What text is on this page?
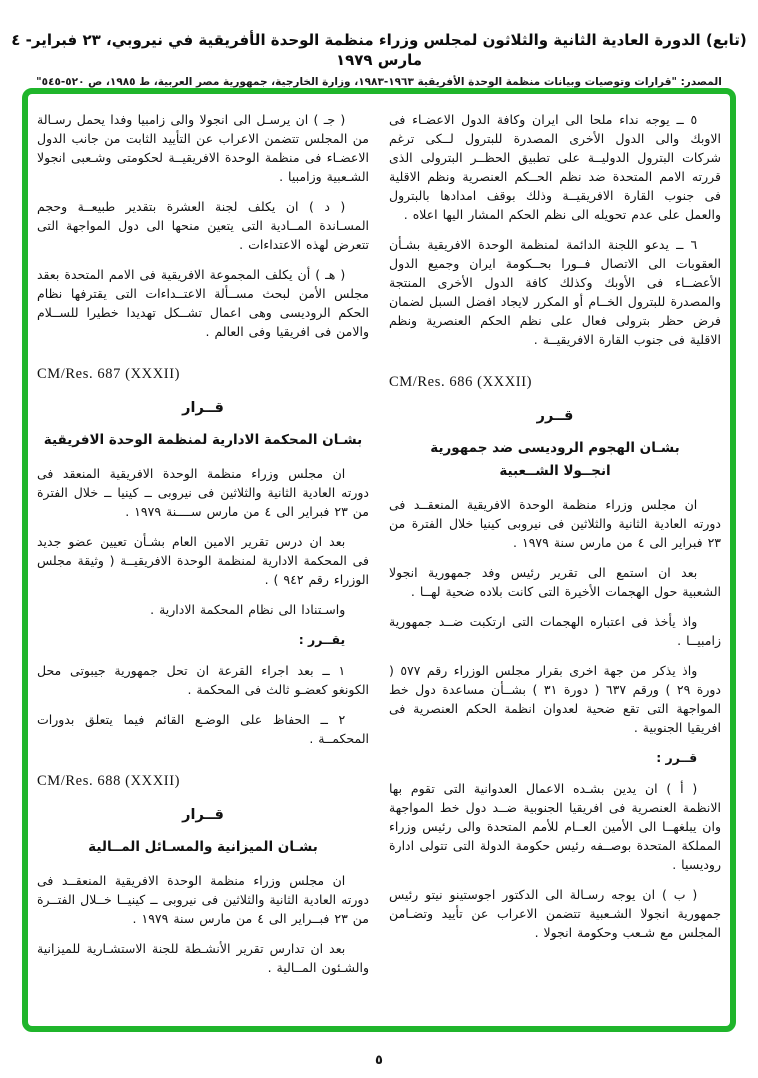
(تابع) الدورة العادية الثانية والثلاثون لمجلس وزراء منظمة الوحدة الأفريقية في نيروبي، ٢٣ فبراير- ٤ مارس ١٩٧٩
المصدر: "قرارات وتوصيات وبيانات منظمة الوحدة الأفريقية ١٩٦٣-١٩٨٣، وزارة الخارجية، جمهورية مصر العربية، ط ١٩٨٥، ص ٥٢٠-٥٤٥"

٥ ــ يوجه نداء ملحا الى ايران وكافة الدول الاعضـاء فى الاوبك والى الدول الأخرى المصدرة للبترول لــكى ترغم شركات البترول الدوليــة على تطبيق الحظــر البترولى الذى قررته الامم المتحدة ضد نظم الحــكم العنصرية ونظم الاقلية فى جنوب القارة الافريقيــة وذلك بوقف امدادها بالبترول والعمل على عدم تحويله الى نظم الحكم المشار اليها اعلاه .

٦ ــ يدعو اللجنة الدائمة لمنظمة الوحدة الافريقية بشـأن العقوبات الى الاتصال فــورا بحــكومة ايران وجميع الدول الأعضــاء فى الأوبك وكذلك كافة الدول الأخرى المنتجة والمصدرة للبترول الخــام أو المكرر لايجاد افضل السبل لضمان فرض حظر بترولى فعال على نظم الحكم العنصرية ونظم الاقلية فى جنوب القارة الافريقيــة .

CM/Res. 686 (XXXII)
قــرر
بشـان الهجوم الروديسى ضد جمهورية
انجــولا الشــعبية

ان مجلس وزراء منظمة الوحدة الافريقية المنعقــد فى دورته العادية الثانية والثلاثين فى نيروبى كينيا خلال الفترة من ٢٣ فبراير الى ٤ من مارس سنة ١٩٧٩ .

بعد ان استمع الى تقرير رئيس وفد جمهورية انجولا الشعبية حول الهجمات الأخيرة التى كانت بلاده ضحية لهــا .

واذ يأخذ فى اعتباره الهجمات التى ارتكبت ضــد جمهورية زامبيــا .

واذ يذكر من جهة اخرى بقرار مجلس الوزراء رقم ٥٧٧ ( دورة ٢٩ ) ورقم ٦٣٧ ( دورة ٣١ ) بشــأن مساعدة دول خط المواجهة التى تقع ضحية لعدوان انظمة الحكم العنصرية فى افريقيا الجنوبية .

قــرر :

( أ ) ان يدين بشـده الاعمال العدوانية التى تقوم بها الانظمة العنصرية فى افريقيا الجنوبية ضــد دول خط المواجهة وان يبلغهــا الى الأمين العــام للأمم المتحدة والى رئيس وزراء المملكة المتحدة بوصــفه رئيس حكومة الدولة التى تتولى ادارة روديسيا .

( ب ) ان يوجه رسـالة الى الدكتور اجوستينو نيتو رئيس جمهورية انجولا الشـعبية تتضمن الاعراب عن تأييد وتضـامن المجلس مع شـعب وحكومة انجولا .

( جـ ) ان يرسـل الى انجولا والى زامبيا وفدا يحمل رسـالة من المجلس تتضمن الاعراب عن التأييد الثابت من جانب الدول الاعضـاء فى منظمة الوحدة الافريقيــة لحكومتى وشـعبى انجولا الشـعبية وزامبيا .

( د ) ان يكلف لجنة العشرة بتقدير طبيعــة وحجم المسـاندة المــادية التى يتعين منحها الى دول المواجهة التى تتعرض لهذه الاعتداءات .

( هـ ) أن يكلف المجموعة الافريقية فى الامم المتحدة بعقد مجلس الأمن لبحث مســألة الاعتــداءات التى يقترفها نظام الحكم الروديسى وهى اعمال تشــكل تهديدا خطيرا للســلام والامن فى افريقيا وفى العالم .

CM/Res. 687 (XXXII)
قــرار
بشـان المحكمة الادارية لمنظمة الوحدة الافريقية

ان مجلس وزراء منظمة الوحدة الافريقية المنعقد فى دورته العادية الثانية والثلاثين فى نيروبى ــ كينيا ــ خلال الفترة من ٢٣ فبراير الى ٤ من مارس ســــنة ١٩٧٩ .

بعد ان درس تقرير الامين العام بشـأن تعيين عضو جديد فى المحكمة الادارية لمنظمة الوحدة الافريقيــة ( وثيقة مجلس الوزراء رقم ٩٤٢ ) .

واسـتنادا الى نظام المحكمة الادارية .

يقــرر :

١ ــ بعد اجراء القرعة ان تحل جمهورية جيبوتى محل الكونغو كعضـو ثالث فى المحكمة .

٢ ــ الحفاظ على الوضـع القائم فيما يتعلق بدورات المحكمــة .

CM/Res. 688 (XXXII)
قــرار
بشـان الميزانية والمسـائل المــالية

ان مجلس وزراء منظمة الوحدة الافريقية المنعقــد فى دورته العادية الثانية والثلاثين فى نيروبى ــ كينيــا خــلال الفتــرة من ٢٣ فبــراير الى ٤ من مارس سنة ١٩٧٩ .

بعد ان تدارس تقرير الأنشـطة للجنة الاستشـارية للميزانية والشـئون المــالية .

٥
